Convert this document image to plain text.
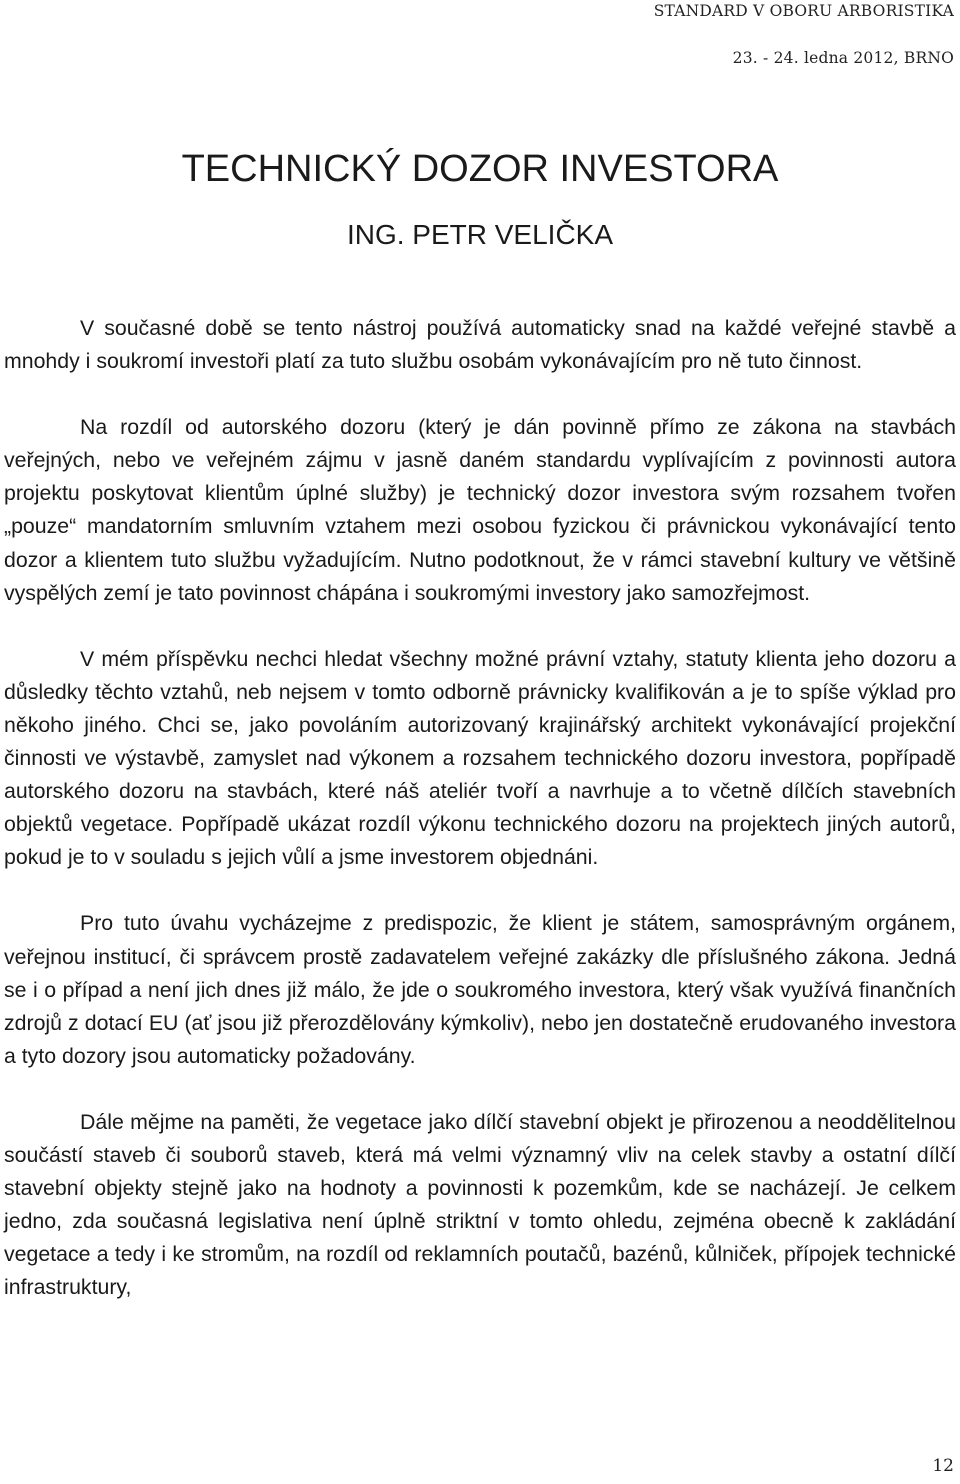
STANDARD V OBORU ARBORISTIKA
23. - 24. ledna 2012, BRNO
TECHNICKÝ DOZOR INVESTORA
ING. PETR VELIČKA

V současné době se tento nástroj používá automaticky snad na každé veřejné stavbě a mnohdy i soukromí investoři platí za tuto službu osobám vykonávajícím pro ně tuto činnost.

Na rozdíl od autorského dozoru (který je dán povinně přímo ze zákona na stavbách veřejných, nebo ve veřejném zájmu v jasně daném standardu vyplívajícím z povinnosti autora projektu poskytovat klientům úplné služby) je technický dozor investora svým rozsahem tvořen „pouze“ mandatorním smluvním vztahem mezi osobou fyzickou či právnickou vykonávající tento dozor a klientem tuto službu vyžadujícím. Nutno podotknout, že v rámci stavební kultury ve většině vyspělých zemí je tato povinnost chápána i soukromými investory jako samozřejmost.

V mém příspěvku nechci hledat všechny možné právní vztahy, statuty klienta jeho dozoru a důsledky těchto vztahů, neb nejsem v tomto odborně právnicky kvalifikován a je to spíše výklad pro někoho jiného. Chci se, jako povoláním autorizovaný krajinářský architekt vykonávající projekční činnosti ve výstavbě, zamyslet nad výkonem a rozsahem technického dozoru investora, popřípadě autorského dozoru na stavbách, které náš ateliér tvoří a navrhuje a to včetně dílčích stavebních objektů vegetace. Popřípadě ukázat rozdíl výkonu technického dozoru na projektech jiných autorů, pokud je to v souladu s jejich vůlí a jsme investorem objednáni.

Pro tuto úvahu vycházejme z predispozic, že klient je státem, samosprávným orgánem, veřejnou institucí, či správcem prostě zadavatelem veřejné zakázky dle příslušného zákona. Jedná se i o případ a není jich dnes již málo, že jde o soukromého investora, který však využívá finančních zdrojů z dotací EU (ať jsou již přerozdělovány kýmkoliv), nebo jen dostatečně erudovaného investora a tyto dozory jsou automaticky požadovány.

Dále mějme na paměti, že vegetace jako dílčí stavební objekt je přirozenou a neoddělitelnou součástí staveb či souborů staveb, která má velmi významný vliv na celek stavby a ostatní dílčí stavební objekty stejně jako na hodnoty a povinnosti k pozemkům, kde se nacházejí. Je celkem jedno, zda současná legislativa není úplně striktní v tomto ohledu, zejména obecně k zakládání vegetace a tedy i ke stromům, na rozdíl od reklamních poutačů, bazénů, kůlniček, přípojek technické infrastruktury,

12
